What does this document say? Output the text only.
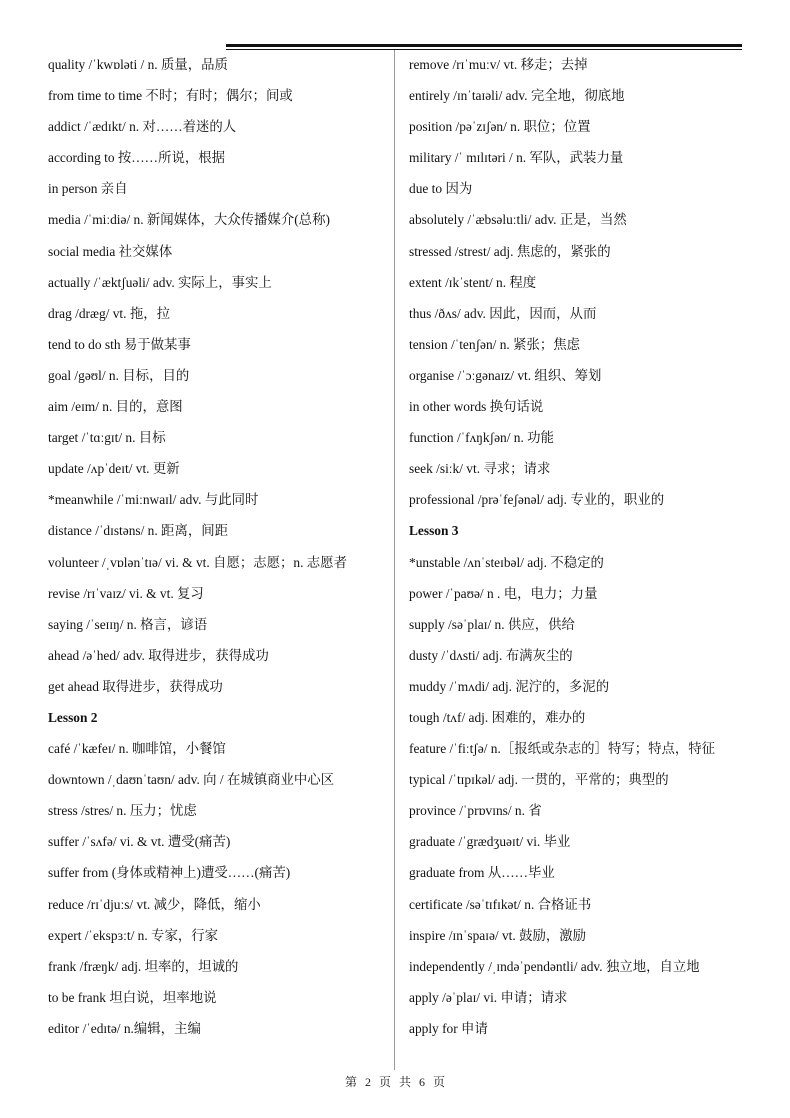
quality /ˈkwɒləti / n. 质量，品质
from time to time 不时；有时；偶尔；间或
addict /ˈædɪkt/ n. 对……着迷的人
according to 按……所说，根据
in person 亲自
media /ˈmiːdiə/ n. 新闻媒体，大众传播媒介(总称)
social media 社交媒体
actually /ˈæktʃuəli/ adv. 实际上，事实上
drag /dræg/ vt. 拖，拉
tend to do sth 易于做某事
goal /gəʊl/ n. 目标，目的
aim /eɪm/ n. 目的，意图
target /ˈtɑːgɪt/ n. 目标
update /ʌpˈdeɪt/ vt. 更新
*meanwhile /ˈmiːnwaɪl/ adv. 与此同时
distance /ˈdɪstəns/ n. 距离，间距
volunteer /ˌvɒlənˈtɪə/ vi. & vt. 自愿；志愿；n. 志愿者
revise /rɪˈvaɪz/ vi. & vt. 复习
saying /ˈseɪɪŋ/ n. 格言，谚语
ahead /əˈhed/ adv. 取得进步，获得成功
get ahead 取得进步，获得成功
Lesson 2
café /ˈkæfeɪ/ n. 咖啡馆，小餐馆
downtown /ˌdaʊnˈtaʊn/ adv. 向 / 在城镇商业中心区
stress /stres/ n. 压力；忧虑
suffer /ˈsʌfə/ vi. & vt. 遭受(痛苦)
suffer from (身体或精神上)遭受……(痛苦)
reduce /rɪˈdjuːs/ vt. 减少，降低，缩小
expert /ˈekspɜːt/ n. 专家，行家
frank /fræŋk/ adj. 坦率的，坦诚的
to be frank 坦白说，坦率地说
editor /ˈedɪtə/ n.编辑，主编
remove /rɪˈmuːv/ vt. 移走；去掉
entirely /ɪnˈtaɪəli/ adv. 完全地，彻底地
position /pəˈzɪʃən/ n. 职位；位置
military /ˈ mɪlɪtəri / n. 军队，武装力量
due to 因为
absolutely /ˈæbsəluːtli/ adv. 正是，当然
stressed /strest/ adj. 焦虑的，紧张的
extent /ɪkˈstent/ n. 程度
thus /ðʌs/ adv. 因此，因而，从而
tension /ˈtenʃən/ n. 紧张；焦虑
organise /ˈɔːgənaɪz/ vt. 组织、筹划
in other words 换句话说
function /ˈfʌŋkʃən/ n. 功能
seek /siːk/ vt. 寻求；请求
professional /prəˈfeʃənəl/ adj. 专业的，职业的
Lesson 3
*unstable /ʌnˈsteɪbəl/ adj. 不稳定的
power /ˈpaʊə/ n . 电，电力；力量
supply /səˈplaɪ/ n. 供应，供给
dusty /ˈdʌsti/ adj. 布满灰尘的
muddy /ˈmʌdi/ adj. 泥泞的，多泥的
tough /tʌf/ adj. 困难的，难办的
feature /ˈfiːtʃə/ n.［报纸或杂志的］特写；特点，特征
typical /ˈtɪpɪkəl/ adj. 一贯的，平常的；典型的
province /ˈprɒvɪns/ n. 省
graduate /ˈgrædʒuəɪt/ vi. 毕业
graduate from 从……毕业
certificate /səˈtɪfɪkət/ n. 合格证书
inspire /ɪnˈspaɪə/ vt. 鼓励，激励
independently /ˌɪndəˈpendəntli/ adv. 独立地，自立地
apply /əˈplaɪ/ vi. 申请；请求
apply for 申请
第 2 页 共 6 页
